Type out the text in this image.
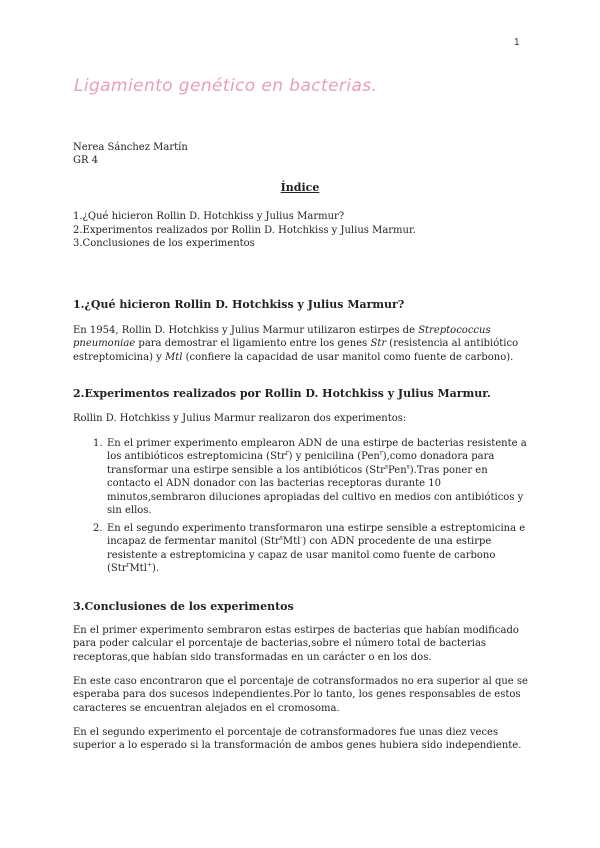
1
Ligamiento genético en bacterias.
Nerea Sánchez Martín
GR 4
Índice
1.¿Qué hicieron Rollin D. Hotchkiss y Julius Marmur?
2.Experimentos realizados por Rollin D. Hotchkiss y Julius Marmur.
3.Conclusiones de los experimentos
1.¿Qué hicieron Rollin D. Hotchkiss y Julius Marmur?

En 1954, Rollin D. Hotchkiss y Julius Marmur utilizaron estirpes de Streptococcus pneumoniae para demostrar el ligamiento entre los genes Str (resistencia al antibiótico estreptomicina) y Mtl (confiere la capacidad de usar manitol como fuente de carbono).

2.Experimentos realizados por Rollin D. Hotchkiss y Julius Marmur.

Rollin D. Hotchkiss y Julius Marmur realizaron dos experimentos:

1. En el primer experimento emplearon ADN de una estirpe de bacterias resistente a los antibióticos estreptomicina (Str$^r$) y penicilina (Pen$^r$),como donadora para transformar una estirpe sensible a los antibióticos (Str$^s$Pen$^s$).Tras poner en contacto el ADN donador con las bacterias receptoras durante 10 minutos,sembraron diluciones apropiadas del cultivo en medios con antibióticos y sin ellos.
2. En el segundo experimento transformaron una estirpe sensible a estreptomicina e incapaz de fermentar manitol (Str$^s$Mtl-) con ADN procedente de una estirpe resistente a estreptomicina y capaz de usar manitol como fuente de carbono (Str$^r$Mtl+).
3.Conclusiones de los experimentos

En el primer experimento sembraron estas estirpes de bacterias que habían modificado para poder calcular el porcentaje de bacterias,sobre el número total de bacterias receptoras,que habían sido transformadas en un carácter o en los dos.

En este caso encontraron que el porcentaje de cotransformados no era superior al que se esperaba para dos sucesos independientes.Por lo tanto, los genes responsables de estos caracteres se encuentran alejados en el cromosoma.

En el segundo experimento el porcentaje de cotransformadores fue unas diez veces superior a lo esperado si la transformación de ambos genes hubiera sido independiente.
